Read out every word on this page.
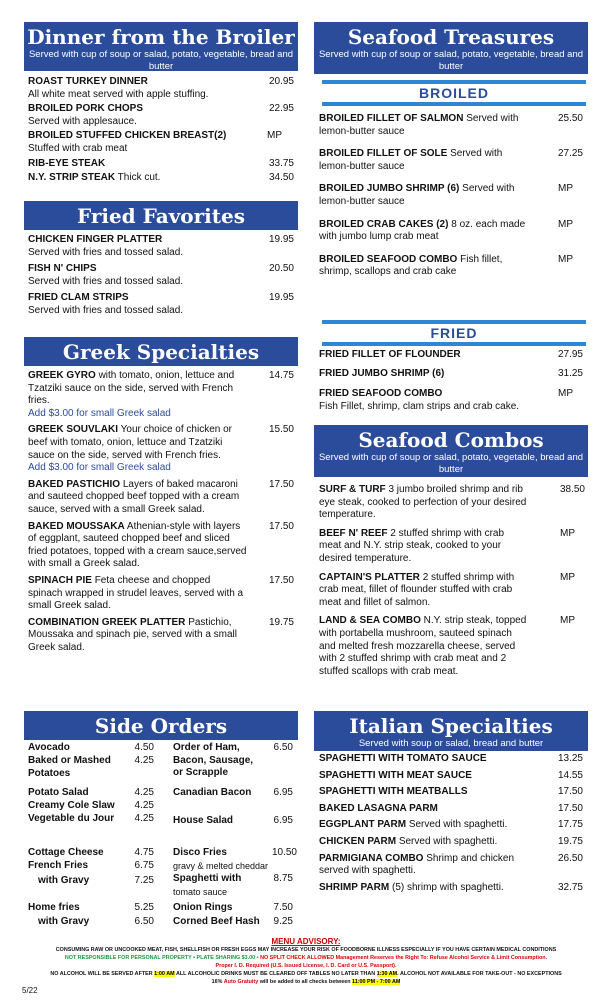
Dinner from the Broiler
Served with cup of soup or salad, potato, vegetable, bread and butter
ROAST TURKEY DINNER
All white meat served with apple stuffing.
20.95
BROILED PORK CHOPS
Served with applesauce.
22.95
BROILED STUFFED CHICKEN BREAST(2)
Stuffed with crab meat
MP
RIB-EYE STEAK	33.75
N.Y. STRIP STEAK Thick cut.	34.50
Fried Favorites
CHICKEN FINGER PLATTER
Served with fries and tossed salad.
19.95
FISH N' CHIPS
Served with fries and tossed salad.
20.50
FRIED CLAM STRIPS
Served with fries and tossed salad.
19.95
Greek Specialties
GREEK GYRO with tomato, onion, lettuce and Tzatziki sauce on the side, served with French fries.
Add $3.00 for small Greek salad
14.75
GREEK SOUVLAKI Your choice of chicken or beef with tomato, onion, lettuce and Tzatziki sauce on the side, served with French fries.
Add $3.00 for small Greek salad
15.50
BAKED PASTICHIO Layers of baked macaroni and sauteed chopped beef topped with a cream sauce, served with a small Greek salad.
17.50
BAKED MOUSSAKA Athenian-style with layers of eggplant, sauteed chopped beef and sliced fried potatoes, topped with a cream sauce,served with small a Greek salad.
17.50
SPINACH PIE Feta cheese and chopped spinach wrapped in strudel leaves, served with a small Greek salad.
17.50
COMBINATION GREEK PLATTER Pastichio, Moussaka and spinach pie, served with a small Greek salad.
19.75
Side Orders
Avocado	4.50
Baked or Mashed Potatoes
4.25
Potato Salad	4.25
Creamy Cole Slaw 4.25
Vegetable du Jour 4.25
Cottage Cheese	4.75
French Fries	6.75
with Gravy	7.25
Home fries	5.25
with Gravy	6.50
Order of Ham, Bacon, Sausage, or Scrapple
6.50
Canadian Bacon 6.95
House Salad	6.95
Disco Fries
gravy & melted cheddar
10.50
Spaghetti with
tomato sauce
8.75
Onion Rings	7.50
Corned Beef Hash 9.25
Seafood Treasures
Served with cup of soup or salad, potato, vegetable, bread and butter
BROILED
BROILED FILLET OF SALMON Served with lemon-butter sauce
25.50
BROILED FILLET OF SOLE Served with lemon-butter sauce
27.25
BROILED JUMBO SHRIMP (6) Served with lemon-butter sauce
MP
BROILED CRAB CAKES (2) 8 oz. each made with jumbo lump crab meat
MP
BROILED SEAFOOD COMBO Fish fillet, shrimp, scallops and crab cake
MP
FRIED
FRIED FILLET OF FLOUNDER	27.95
FRIED JUMBO SHRIMP (6)	31.25
FRIED SEAFOOD COMBO
Fish Fillet, shrimp, clam strips and crab cake.
MP
Seafood Combos
Served with cup of soup or salad, potato, vegetable, bread and butter
SURF & TURF 3 jumbo broiled shrimp and rib eye steak, cooked to perfection of your desired temperature.
38.50
BEEF N' REEF 2 stuffed shrimp with crab meat and N.Y. strip steak, cooked to your desired temperature.
MP
CAPTAIN'S PLATTER 2 stuffed shrimp with crab meat, fillet of flounder stuffed with crab meat and fillet of salmon.
MP
LAND & SEA COMBO N.Y. strip steak, topped with portabella mushroom, sauteed spinach and melted fresh mozzarella cheese, served with 2 stuffed shrimp with crab meat and 2 stuffed scallops with crab meat.
MP
Italian Specialties
Served with soup or salad, bread and butter
SPAGHETTI WITH TOMATO SAUCE	13.25
SPAGHETTI WITH MEAT SAUCE	14.55
SPAGHETTI WITH MEATBALLS	17.50
BAKED LASAGNA PARM	17.50
EGGPLANT PARM Served with spaghetti.	17.75
CHICKEN PARM Served with spaghetti.	19.75
PARMIGIANA COMBO Shrimp and chicken served with spaghetti.
26.50
SHRIMP PARM (5) shrimp with spaghetti.	32.75
MENU ADVISORY:
CONSUMING RAW OR UNCOOKED MEAT, FISH, SHELLFISH OR FRESH EGGS MAY INCREASE YOUR RISK OF FOODBORNE ILLNESS ESPECIALLY IF YOU HAVE CERTAIN MEDICAL CONDITIONS
NOT RESPONSIBLE FOR PERSONAL PROPERTY • PLATE SHARING $3.00 • NO SPLIT CHECK ALLOWED Management Reserves the Right To: Refuse Alcohol Service & Limit Consumption.
Proper I. D. Required (U.S. Issued License, I. D. Card or U.S. Passport).
NO ALCOHOL WILL BE SERVED AFTER 1:00 AM ALL ALCOHOLIC DRINKS MUST BE CLEARED OFF TABLES NO LATER THAN 1:30 AM. ALCOHOL NOT AVAILABLE FOR TAKE-OUT - NO EXCEPTIONS
16% Auto Gratuity will be added to all checks between 11:00 PM - 7:00 AM
5/22
